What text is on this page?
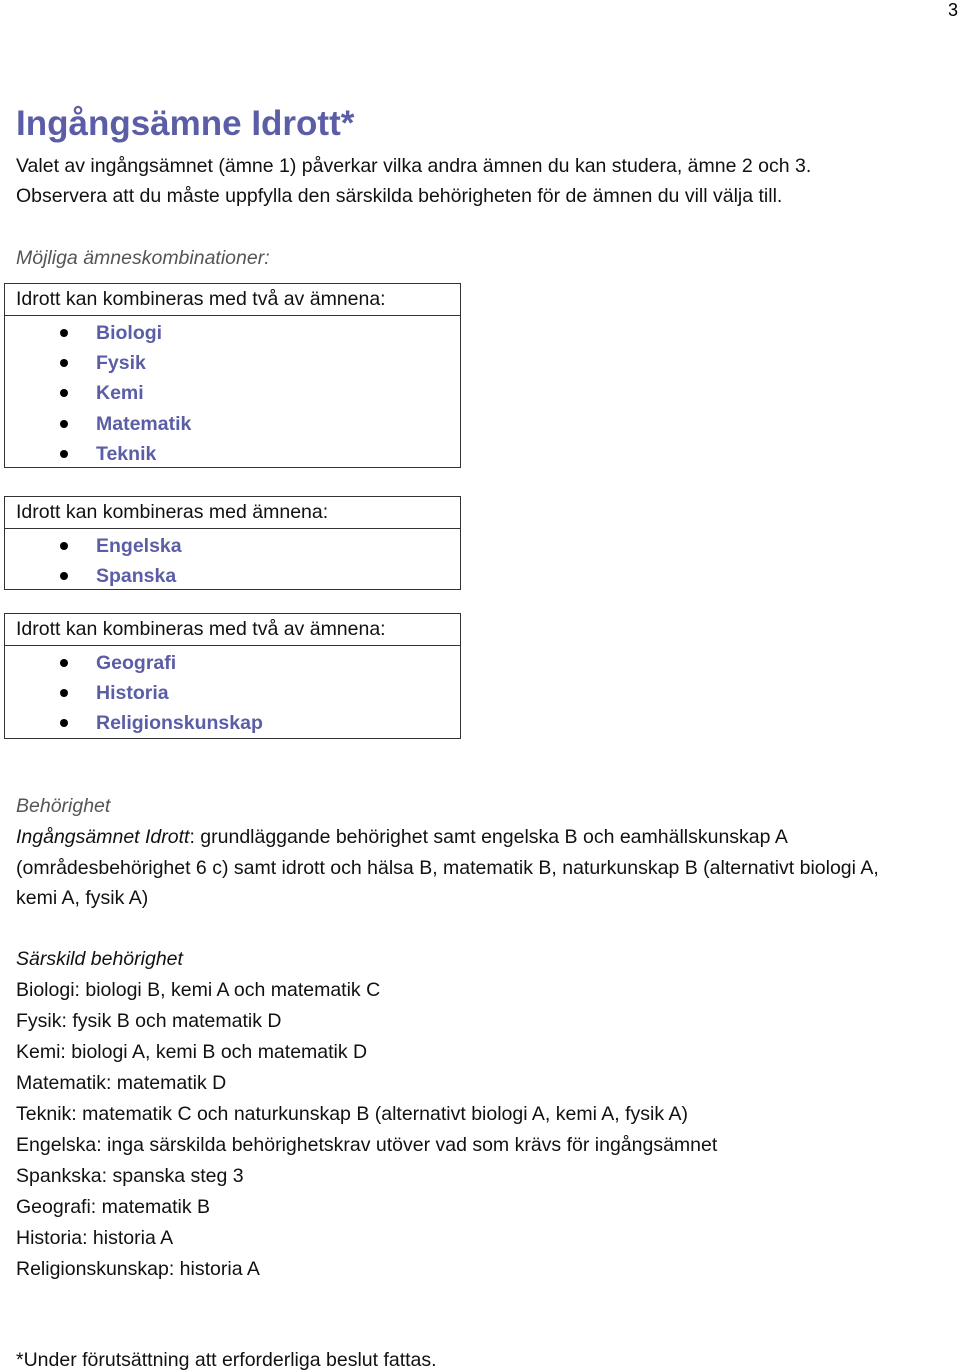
3
Ingångsämne Idrott*
Valet av ingångsämnet (ämne 1) påverkar vilka andra ämnen du kan studera, ämne 2 och 3.
Observera att du måste uppfylla den särskilda behörigheten för de ämnen du vill välja till.
Möjliga ämneskombinationer:
Idrott kan kombineras med två av ämnena:
Biologi
Fysik
Kemi
Matematik
Teknik
Idrott kan kombineras med ämnena:
Engelska
Spanska
Idrott kan kombineras med två av ämnena:
Geografi
Historia
Religionskunskap
Behörighet
Ingångsämnet Idrott: grundläggande behörighet samt engelska B och eamhällskunskap A
(områdesbehörighet 6 c) samt idrott och hälsa B, matematik B, naturkunskap B (alternativt biologi A,
kemi A, fysik A)
Särskild behörighet
Biologi: biologi B, kemi A och matematik C
Fysik: fysik B och matematik D
Kemi: biologi A, kemi B och matematik D
Matematik: matematik D
Teknik: matematik C och naturkunskap B (alternativt biologi A, kemi A, fysik A)
Engelska: inga särskilda behörighetskrav utöver vad som krävs för ingångsämnet
Spankska: spanska steg 3
Geografi: matematik B
Historia: historia A
Religionskunskap: historia A
*Under förutsättning att erforderliga beslut fattas.
